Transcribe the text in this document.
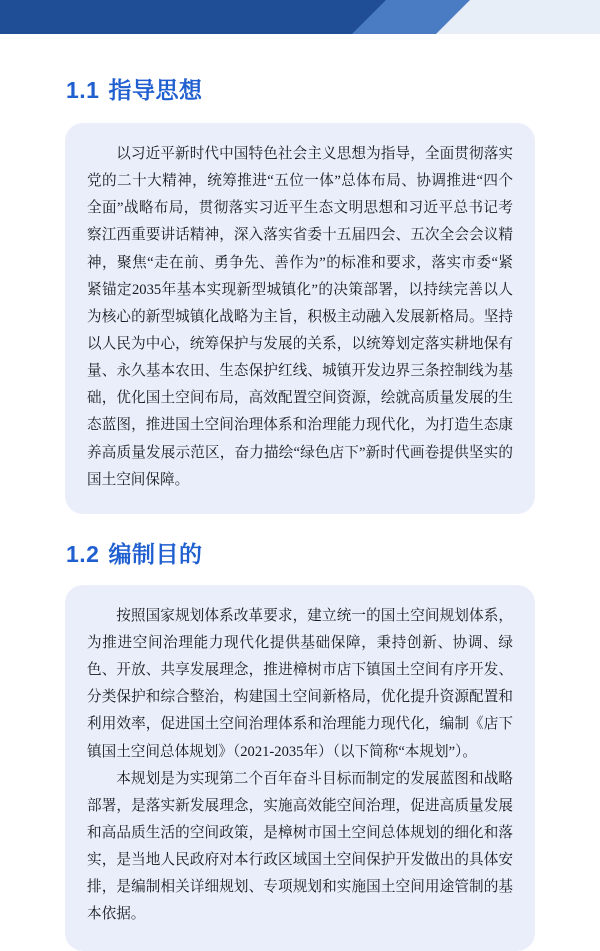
1.1 指导思想

以习近平新时代中国特色社会主义思想为指导，全面贯彻落实党的二十大精神，统筹推进“五位一体”总体布局、协调推进“四个全面”战略布局，贯彻落实习近平生态文明思想和习近平总书记考察江西重要讲话精神，深入落实省委十五届四会、五次全会会议精神，聚焦“走在前、勇争先、善作为”的标准和要求，落实市委“紧紧锚定2035年基本实现新型城镇化”的决策部署，以持续完善以人为核心的新型城镇化战略为主旨，积极主动融入发展新格局。坚持以人民为中心，统筹保护与发展的关系，以统筹划定落实耕地保有量、永久基本农田、生态保护红线、城镇开发边界三条控制线为基础，优化国土空间布局，高效配置空间资源，绘就高质量发展的生态蓝图，推进国土空间治理体系和治理能力现代化，为打造生态康养高质量发展示范区，奋力描绘“绿色店下”新时代画卷提供坚实的国土空间保障。

1.2 编制目的

按照国家规划体系改革要求，建立统一的国土空间规划体系，为推进空间治理能力现代化提供基础保障，秉持创新、协调、绿色、开放、共享发展理念，推进樟树市店下镇国土空间有序开发、分类保护和综合整治，构建国土空间新格局，优化提升资源配置和利用效率，促进国土空间治理体系和治理能力现代化，编制《店下镇国土空间总体规划》（2021-2035年）（以下简称“本规划”）。

本规划是为实现第二个百年奋斗目标而制定的发展蓝图和战略部署，是落实新发展理念，实施高效能空间治理，促进高质量发展和高品质生活的空间政策，是樟树市国土空间总体规划的细化和落实，是当地人民政府对本行政区域国土空间保护开发做出的具体安排，是编制相关详细规划、专项规划和实施国土空间用途管制的基本依据。
